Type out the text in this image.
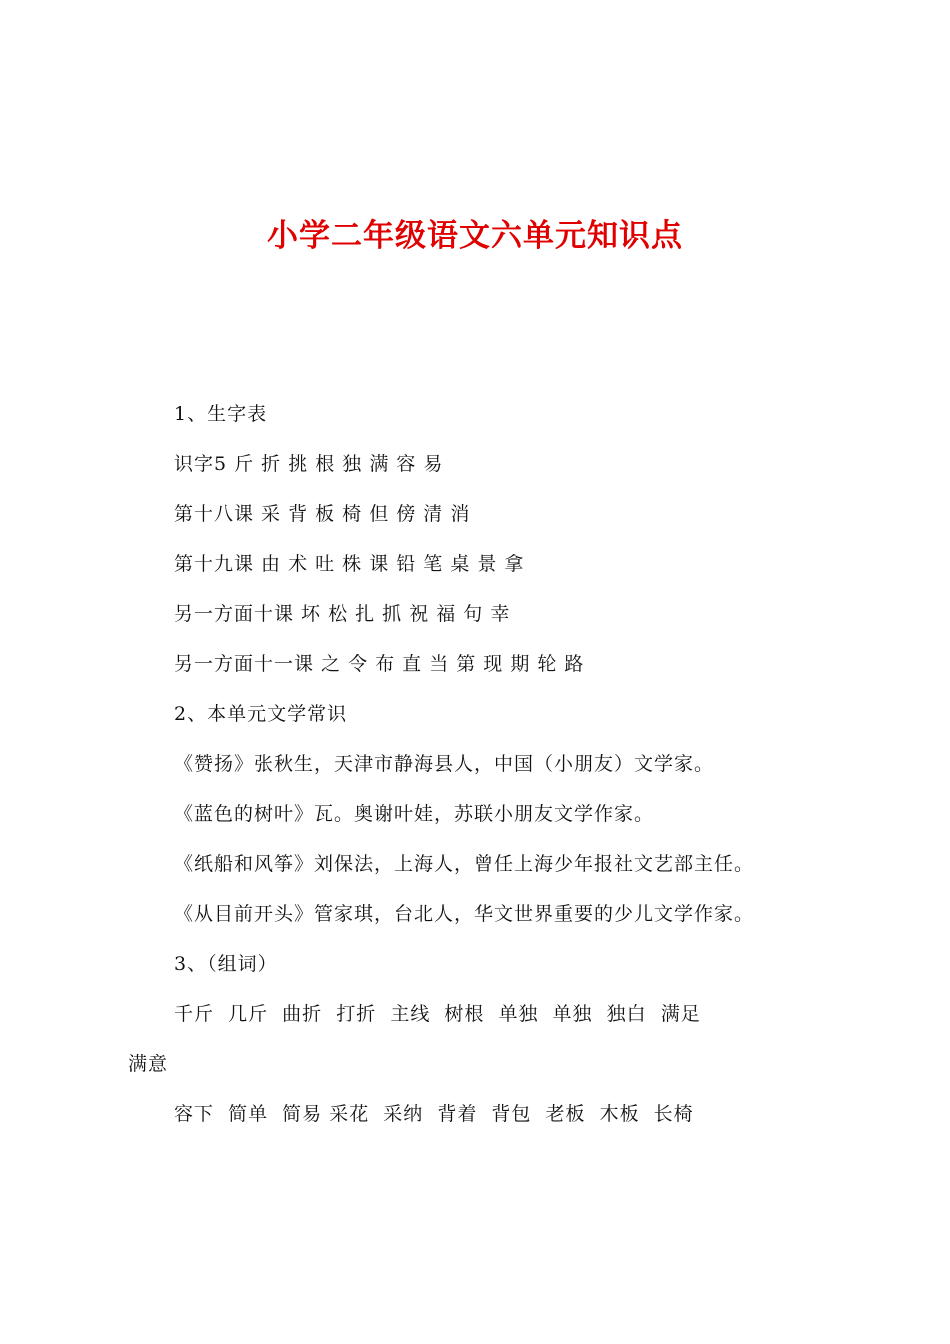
小学二年级语文六单元知识点
1、生字表
识字5 斤 折 挑 根 独 满 容 易
第十八课 采 背 板 椅 但 傍 清 消
第十九课 由 术 吐 株 课 铅 笔 桌 景 拿
另一方面十课 坏 松 扎 抓 祝 福 句 幸
另一方面十一课 之 令 布 直 当 第 现 期 轮 路
2、本单元文学常识
《赞扬》张秋生，天津市静海县人，中国（小朋友）文学家。
《蓝色的树叶》瓦。奥谢叶娃，苏联小朋友文学作家。
《纸船和风筝》刘保法，上海人，曾任上海少年报社文艺部主任。
《从目前开头》管家琪，台北人，华文世界重要的少儿文学作家。
3、（组词）
千斤  几斤  曲折  打折  主线  树根  单独  单独  独白  满足
满意
容下  简单  简易 采花  采纳  背着  背包  老板  木板  长椅
